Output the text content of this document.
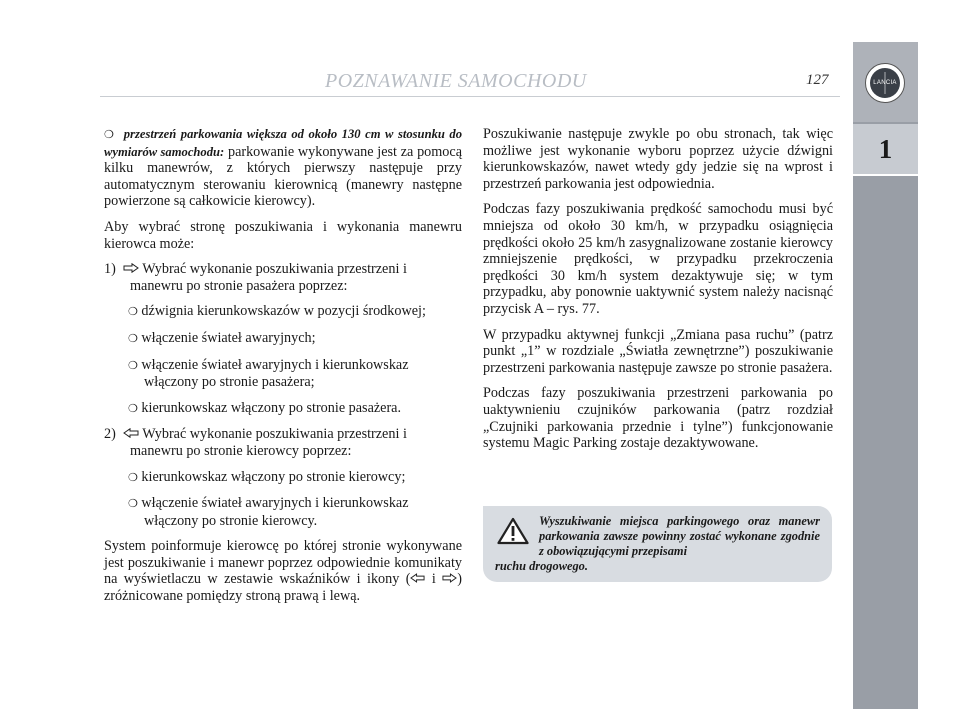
LANCIA
1
POZNAWANIE SAMOCHODU	127

❍ przestrzeń parkowania większa od około 130 cm w stosunku do wymiarów samochodu: parkowanie wykonywane jest za pomocą kilku manewrów, z których pierwszy następuje przy automatycznym sterowaniu kierownicą (manewry następne powierzone są całkowicie kierowcy).

Aby wybrać stronę poszukiwania i wykonania manewru kierowca może:

1) Wybrać wykonanie poszukiwania przestrzeni i manewru po stronie pasażera poprzez:

❍ dźwignia kierunkowskazów w pozycji środkowej;

❍ włączenie świateł awaryjnych;

❍ włączenie świateł awaryjnych i kierunkowskaz włączony po stronie pasażera;

❍ kierunkowskaz włączony po stronie pasażera.

2) Wybrać wykonanie poszukiwania przestrzeni i manewru po stronie kierowcy poprzez:

❍ kierunkowskaz włączony po stronie kierowcy;

❍ włączenie świateł awaryjnych i kierunkowskaz włączony po stronie kierowcy.

System poinformuje kierowcę po której stronie wykonywane jest poszukiwanie i manewr poprzez odpowiednie komunikaty na wyświetlaczu w zestawie wskaźników i ikony ( i ) zróżnicowane pomiędzy stroną prawą i lewą.

Poszukiwanie następuje zwykle po obu stronach, tak więc możliwe jest wykonanie wyboru poprzez użycie dźwigni kierunkowskazów, nawet wtedy gdy jedzie się na wprost i przestrzeń parkowania jest odpowiednia.

Podczas fazy poszukiwania prędkość samochodu musi być mniejsza od około 30 km/h, w przypadku osiągnięcia prędkości około 25 km/h zasygnalizowane zostanie kierowcy zmniejszenie prędkości, w przypadku przekroczenia prędkości 30 km/h system dezaktywuje się; w tym przypadku, aby ponownie uaktywnić system należy nacisnąć przycisk A – rys. 77.

W przypadku aktywnej funkcji „Zmiana pasa ruchu” (patrz punkt „1” w rozdziale „Światła zewnętrzne”) poszukiwanie przestrzeni parkowania następuje zawsze po stronie pasażera.

Podczas fazy poszukiwania przestrzeni parkowania po uaktywnieniu czujników parkowania (patrz rozdział „Czujniki parkowania przednie i tylne”) funkcjonowanie systemu Magic Parking zostaje dezaktywowane.

Wyszukiwanie miejsca parkingowego oraz manewr parkowania zawsze powinny zostać wykonane zgodnie z obowiązującymi przepisami
ruchu drogowego.
